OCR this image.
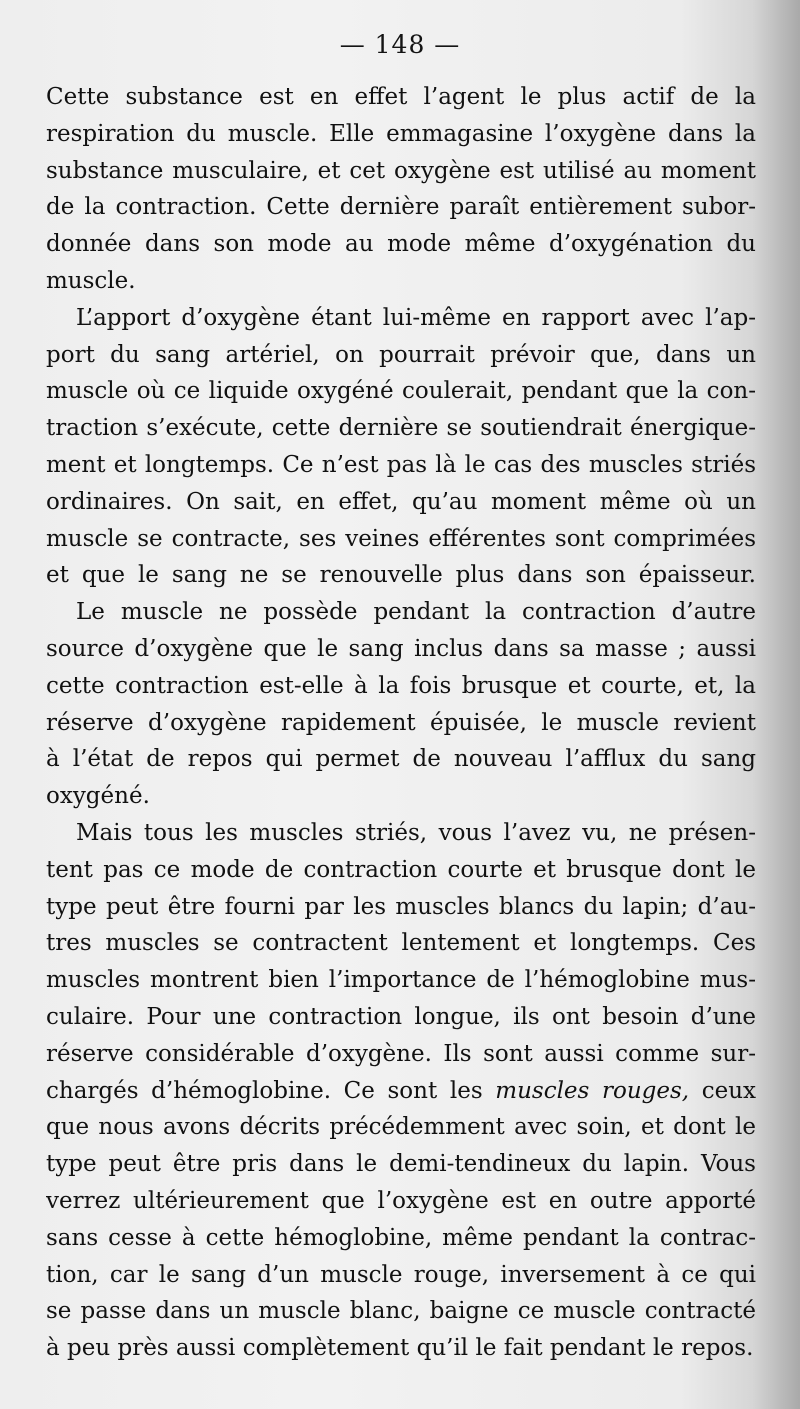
— 148 —
Cette substance est en effet l’agent le plus actif de la
respiration du muscle. Elle emmagasine l’oxygène dans la
substance musculaire, et cet oxygène est utilisé au moment
de la contraction. Cette dernière paraît entièrement subor-
donnée dans son mode au mode même d’oxygénation du
muscle.
L’apport d’oxygène étant lui-même en rapport avec l’ap-
port du sang artériel, on pourrait prévoir que, dans un
muscle où ce liquide oxygéné coulerait, pendant que la con-
traction s’exécute, cette dernière se soutiendrait énergique-
ment et longtemps. Ce n’est pas là le cas des muscles striés
ordinaires. On sait, en effet, qu’au moment même où un
muscle se contracte, ses veines efférentes sont comprimées
et que le sang ne se renouvelle plus dans son épaisseur.
Le muscle ne possède pendant la contraction d’autre
source d’oxygène que le sang inclus dans sa masse ; aussi
cette contraction est-elle à la fois brusque et courte, et, la
réserve d’oxygène rapidement épuisée, le muscle revient
à l’état de repos qui permet de nouveau l’afflux du sang
oxygéné.
Mais tous les muscles striés, vous l’avez vu, ne présen-
tent pas ce mode de contraction courte et brusque dont le
type peut être fourni par les muscles blancs du lapin; d’au-
tres muscles se contractent lentement et longtemps. Ces
muscles montrent bien l’importance de l’hémoglobine mus-
culaire. Pour une contraction longue, ils ont besoin d’une
réserve considérable d’oxygène. Ils sont aussi comme sur-
chargés d’hémoglobine. Ce sont les muscles rouges, ceux
que nous avons décrits précédemment avec soin, et dont le
type peut être pris dans le demi-tendineux du lapin. Vous
verrez ultérieurement que l’oxygène est en outre apporté
sans cesse à cette hémoglobine, même pendant la contrac-
tion, car le sang d’un muscle rouge, inversement à ce qui
se passe dans un muscle blanc, baigne ce muscle contracté
à peu près aussi complètement qu’il le fait pendant le repos.
